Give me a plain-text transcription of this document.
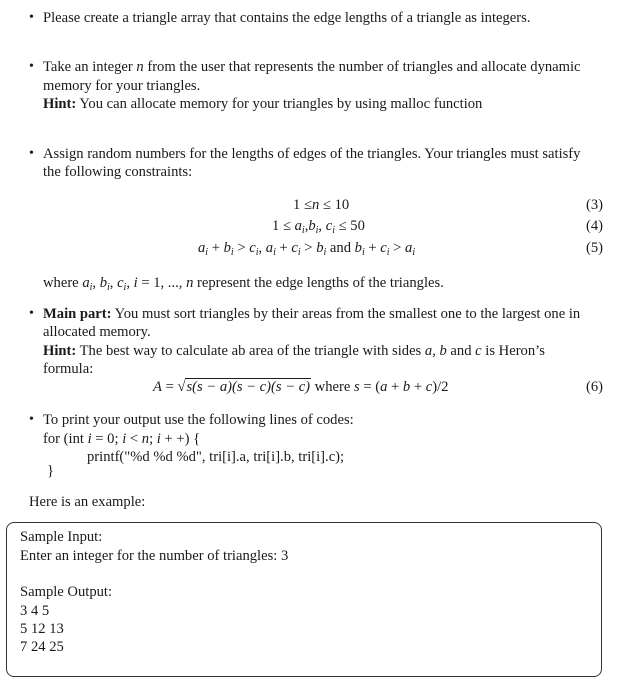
• Please create a triangle array that contains the edge lengths of a triangle as integers.
• Take an integer n from the user that represents the number of triangles and allocate dynamic
memory for your triangles.
Hint: You can allocate memory for your triangles by using malloc function
• Assign random numbers for the lengths of edges of the triangles. Your triangles must satisfy
the following constraints:
1 ≤n ≤ 10	(3)
$1 \le a_i,b_i$, $c_i \le 50$	(4)
$a_i + b_i > c_i$, $a_i + c_i > b_i$ and $b_i + c_i > a_i$	(5)
where $a_i$, $b_i$, $c_i$, i = 1, ..., n represent the edge lengths of the triangles.
• Main part: You must sort triangles by their areas from the smallest one to the largest one in
allocated memory.
Hint: The best way to calculate ab area of the triangle with sides a, b and c is Heron’s
formula:
A = √s(s − a)(s − c)(s − c) where s = (a + b + c)/2	(6)
• To print your output use the following lines of codes:
for (int i = 0; i < n; i + +) {
printf("%d %d %d", tri[i].a, tri[i].b, tri[i].c);
}
Here is an example:
Sample Input:
Enter an integer for the number of triangles: 3
Sample Output:
3 4 5
5 12 13
7 24 25
